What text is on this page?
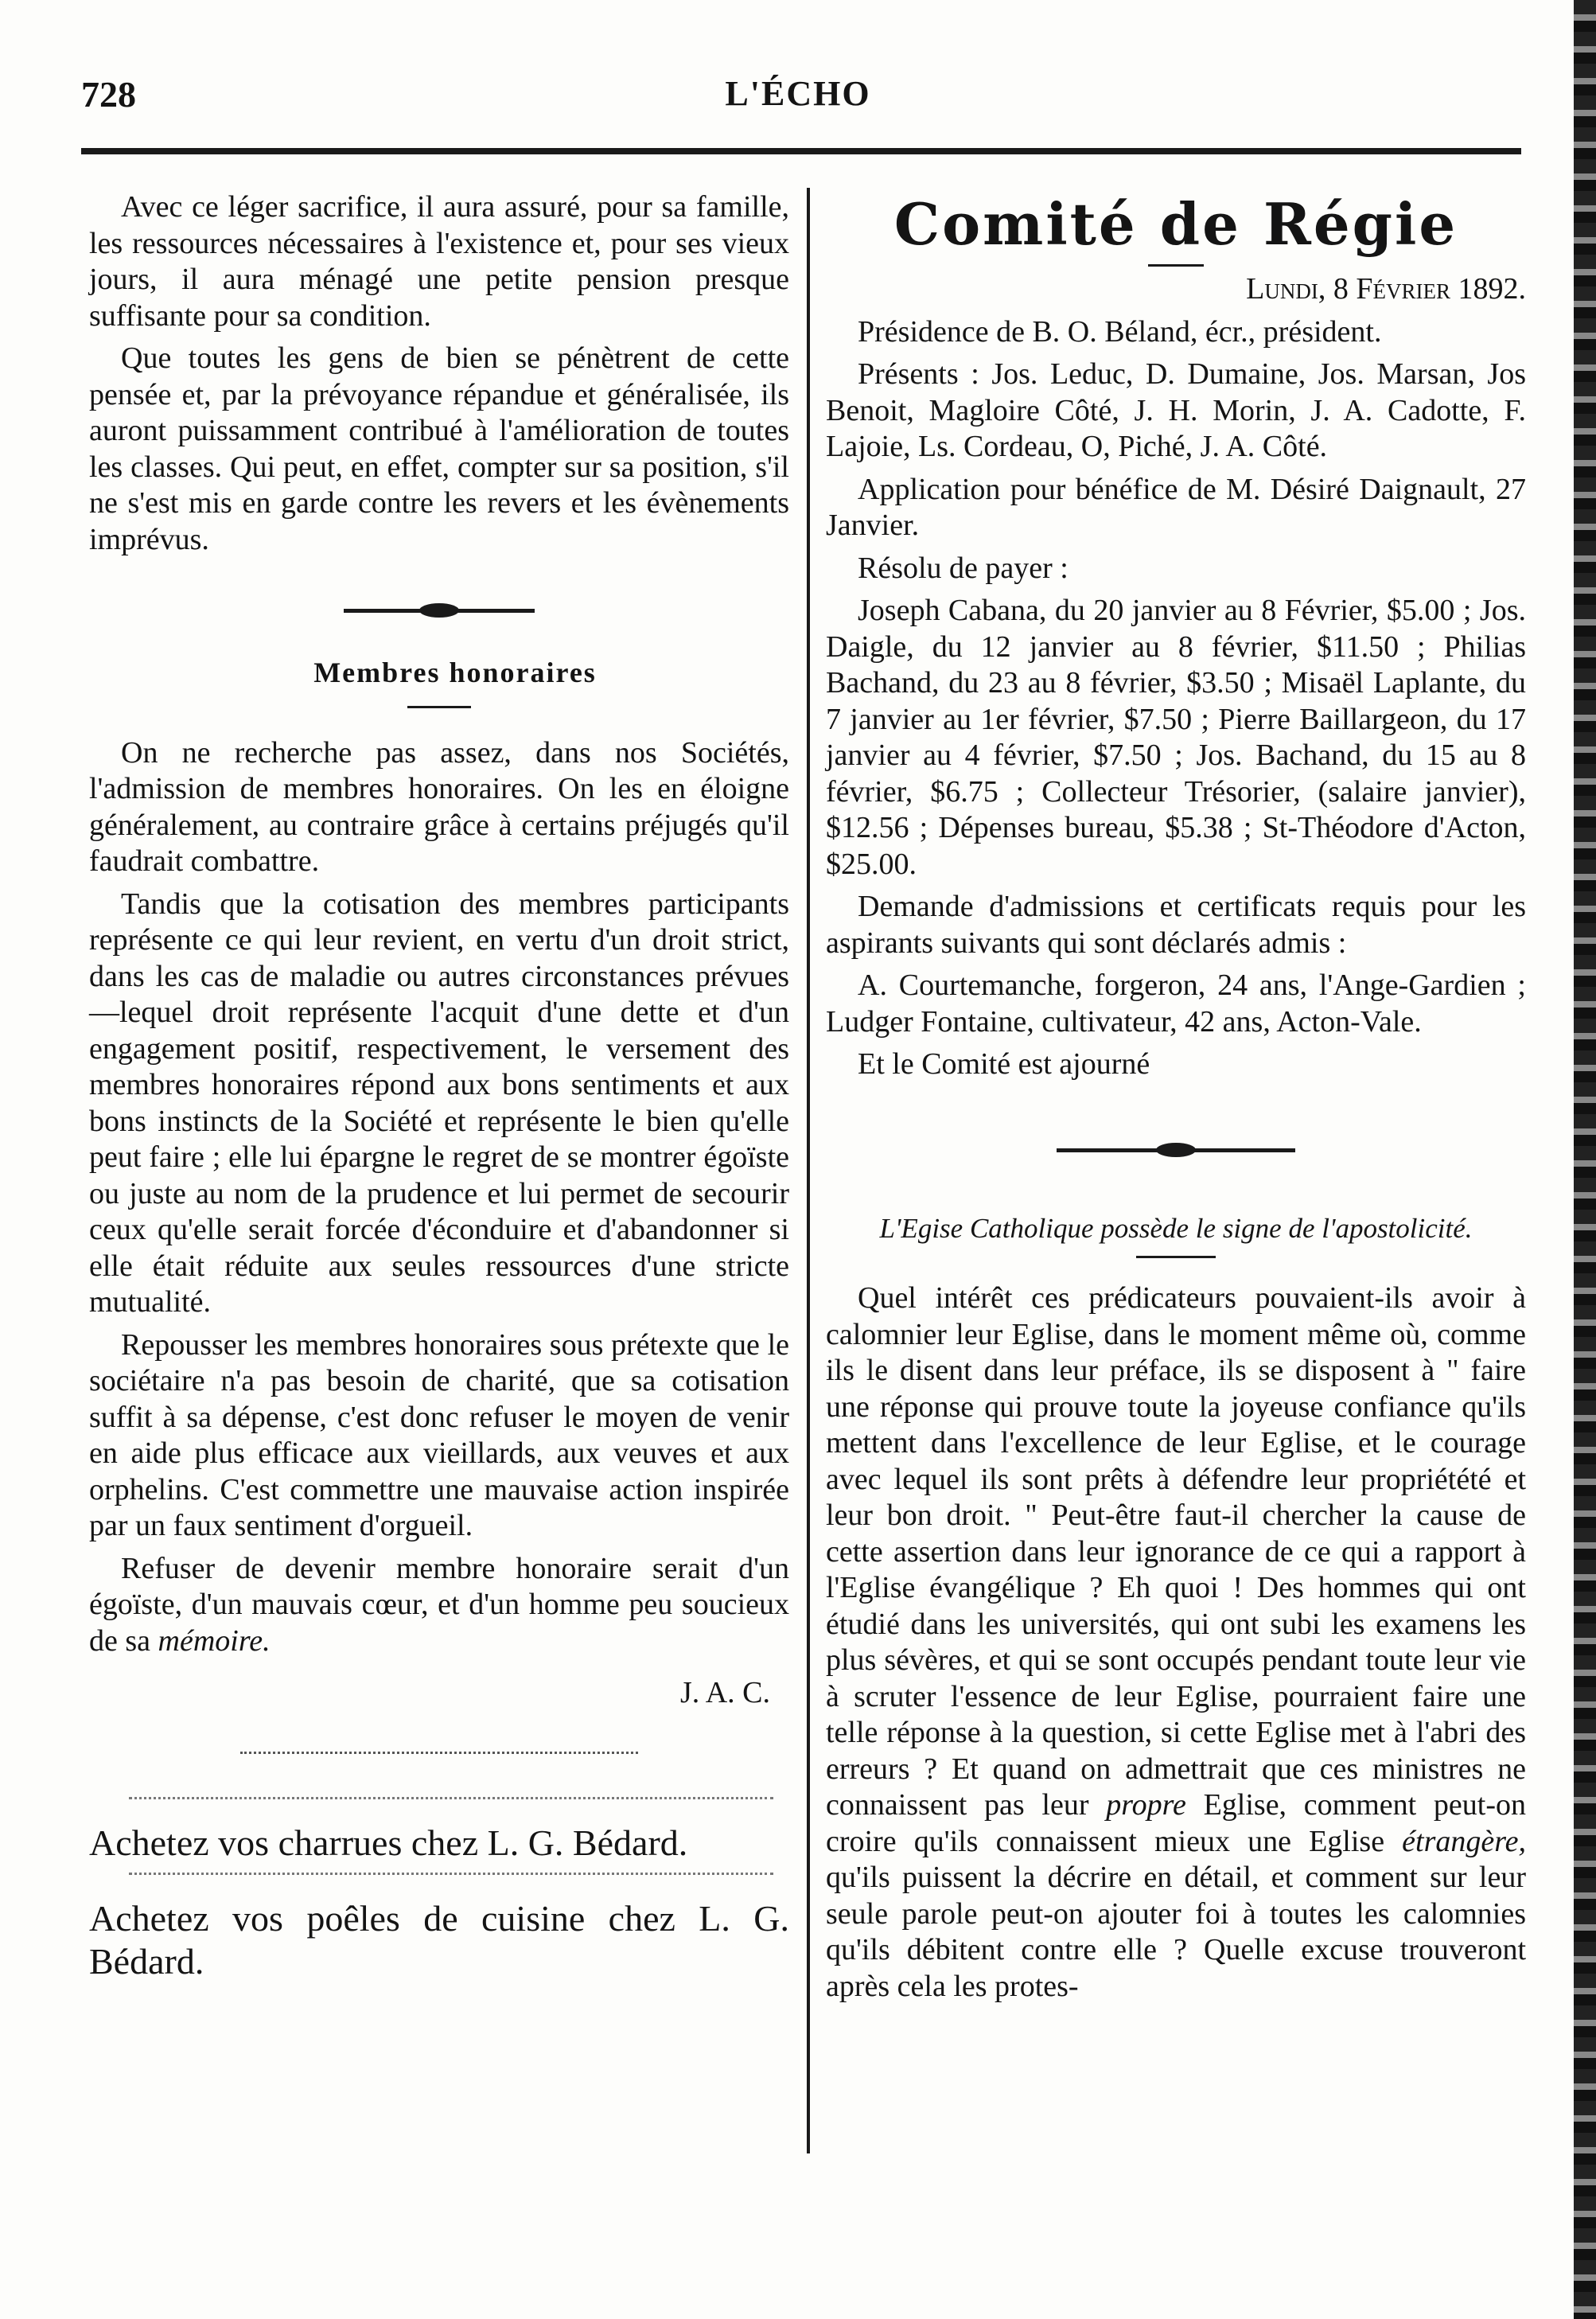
728	L'ÉCHO

Avec ce léger sacrifice, il aura assuré, pour sa famille, les ressources nécessaires à l'existence et, pour ses vieux jours, il aura ménagé une petite pension presque suffisante pour sa condition.

Que toutes les gens de bien se pénètrent de cette pensée et, par la prévoyance répandue et généralisée, ils auront puissamment contribué à l'amélioration de toutes les classes. Qui peut, en effet, compter sur sa position, s'il ne s'est mis en garde contre les revers et les évènements imprévus.

Membres honoraires

On ne recherche pas assez, dans nos Sociétés, l'admission de membres honoraires. On les en éloigne généralement, au contraire grâce à certains préjugés qu'il faudrait combattre.

Tandis que la cotisation des membres participants représente ce qui leur revient, en vertu d'un droit strict, dans les cas de maladie ou autres circonstances prévues—lequel droit représente l'acquit d'une dette et d'un engagement positif, respectivement, le versement des membres honoraires répond aux bons sentiments et aux bons instincts de la Société et représente le bien qu'elle peut faire ; elle lui épargne le regret de se montrer égoïste ou juste au nom de la prudence et lui permet de secourir ceux qu'elle serait forcée d'éconduire et d'abandonner si elle était réduite aux seules ressources d'une stricte mutualité.

Repousser les membres honoraires sous prétexte que le sociétaire n'a pas besoin de charité, que sa cotisation suffit à sa dépense, c'est donc refuser le moyen de venir en aide plus efficace aux vieillards, aux veuves et aux orphelins. C'est commettre une mauvaise action inspirée par un faux sentiment d'orgueil.

Refuser de devenir membre honoraire serait d'un égoïste, d'un mauvais cœur, et d'un homme peu soucieux de sa mémoire.

J. A. C.

Achetez vos charrues chez L. G. Bédard.

Achetez vos poêles de cuisine chez L. G. Bédard.

Comité de Régie

Lundi, 8 Février 1892.

Présidence de B. O. Béland, écr., président.

Présents : Jos. Leduc, D. Dumaine, Jos. Marsan, Jos Benoit, Magloire Côté, J. H. Morin, J. A. Cadotte, F. Lajoie, Ls. Cordeau, O, Piché, J. A. Côté.

Application pour bénéfice de M. Désiré Daignault, 27 Janvier.

Résolu de payer :

Joseph Cabana, du 20 janvier au 8 Février, $5.00 ; Jos. Daigle, du 12 janvier au 8 février, $11.50 ; Philias Bachand, du 23 au 8 février, $3.50 ; Misaël Laplante, du 7 janvier au 1er février, $7.50 ; Pierre Baillargeon, du 17 janvier au 4 février, $7.50 ; Jos. Bachand, du 15 au 8 février, $6.75 ; Collecteur Trésorier, (salaire janvier), $12.56 ; Dépenses bureau, $5.38 ; St-Théodore d'Acton, $25.00.

Demande d'admissions et certificats requis pour les aspirants suivants qui sont déclarés admis :

A. Courtemanche, forgeron, 24 ans, l'Ange-Gardien ; Ludger Fontaine, cultivateur, 42 ans, Acton-Vale.

Et le Comité est ajourné

L'Egise Catholique possède le signe de l'apostolicité.

Quel intérêt ces prédicateurs pouvaient-ils avoir à calomnier leur Eglise, dans le moment même où, comme ils le disent dans leur préface, ils se disposent à " faire une réponse qui prouve toute la joyeuse confiance qu'ils mettent dans l'excellence de leur Eglise, et le courage avec lequel ils sont prêts à défendre leur propriétété et leur bon droit. " Peut-être faut-il chercher la cause de cette assertion dans leur ignorance de ce qui a rapport à l'Eglise évangélique ? Eh quoi ! Des hommes qui ont étudié dans les universités, qui ont subi les examens les plus sévères, et qui se sont occupés pendant toute leur vie à scruter l'essence de leur Eglise, pourraient faire une telle réponse à la question, si cette Eglise met à l'abri des erreurs ? Et quand on admettrait que ces ministres ne connaissent pas leur propre Eglise, comment peut-on croire qu'ils connaissent mieux une Eglise étrangère, qu'ils puissent la décrire en détail, et comment sur leur seule parole peut-on ajouter foi à toutes les calomnies qu'ils débitent contre elle ? Quelle excuse trouveront après cela les protes-
